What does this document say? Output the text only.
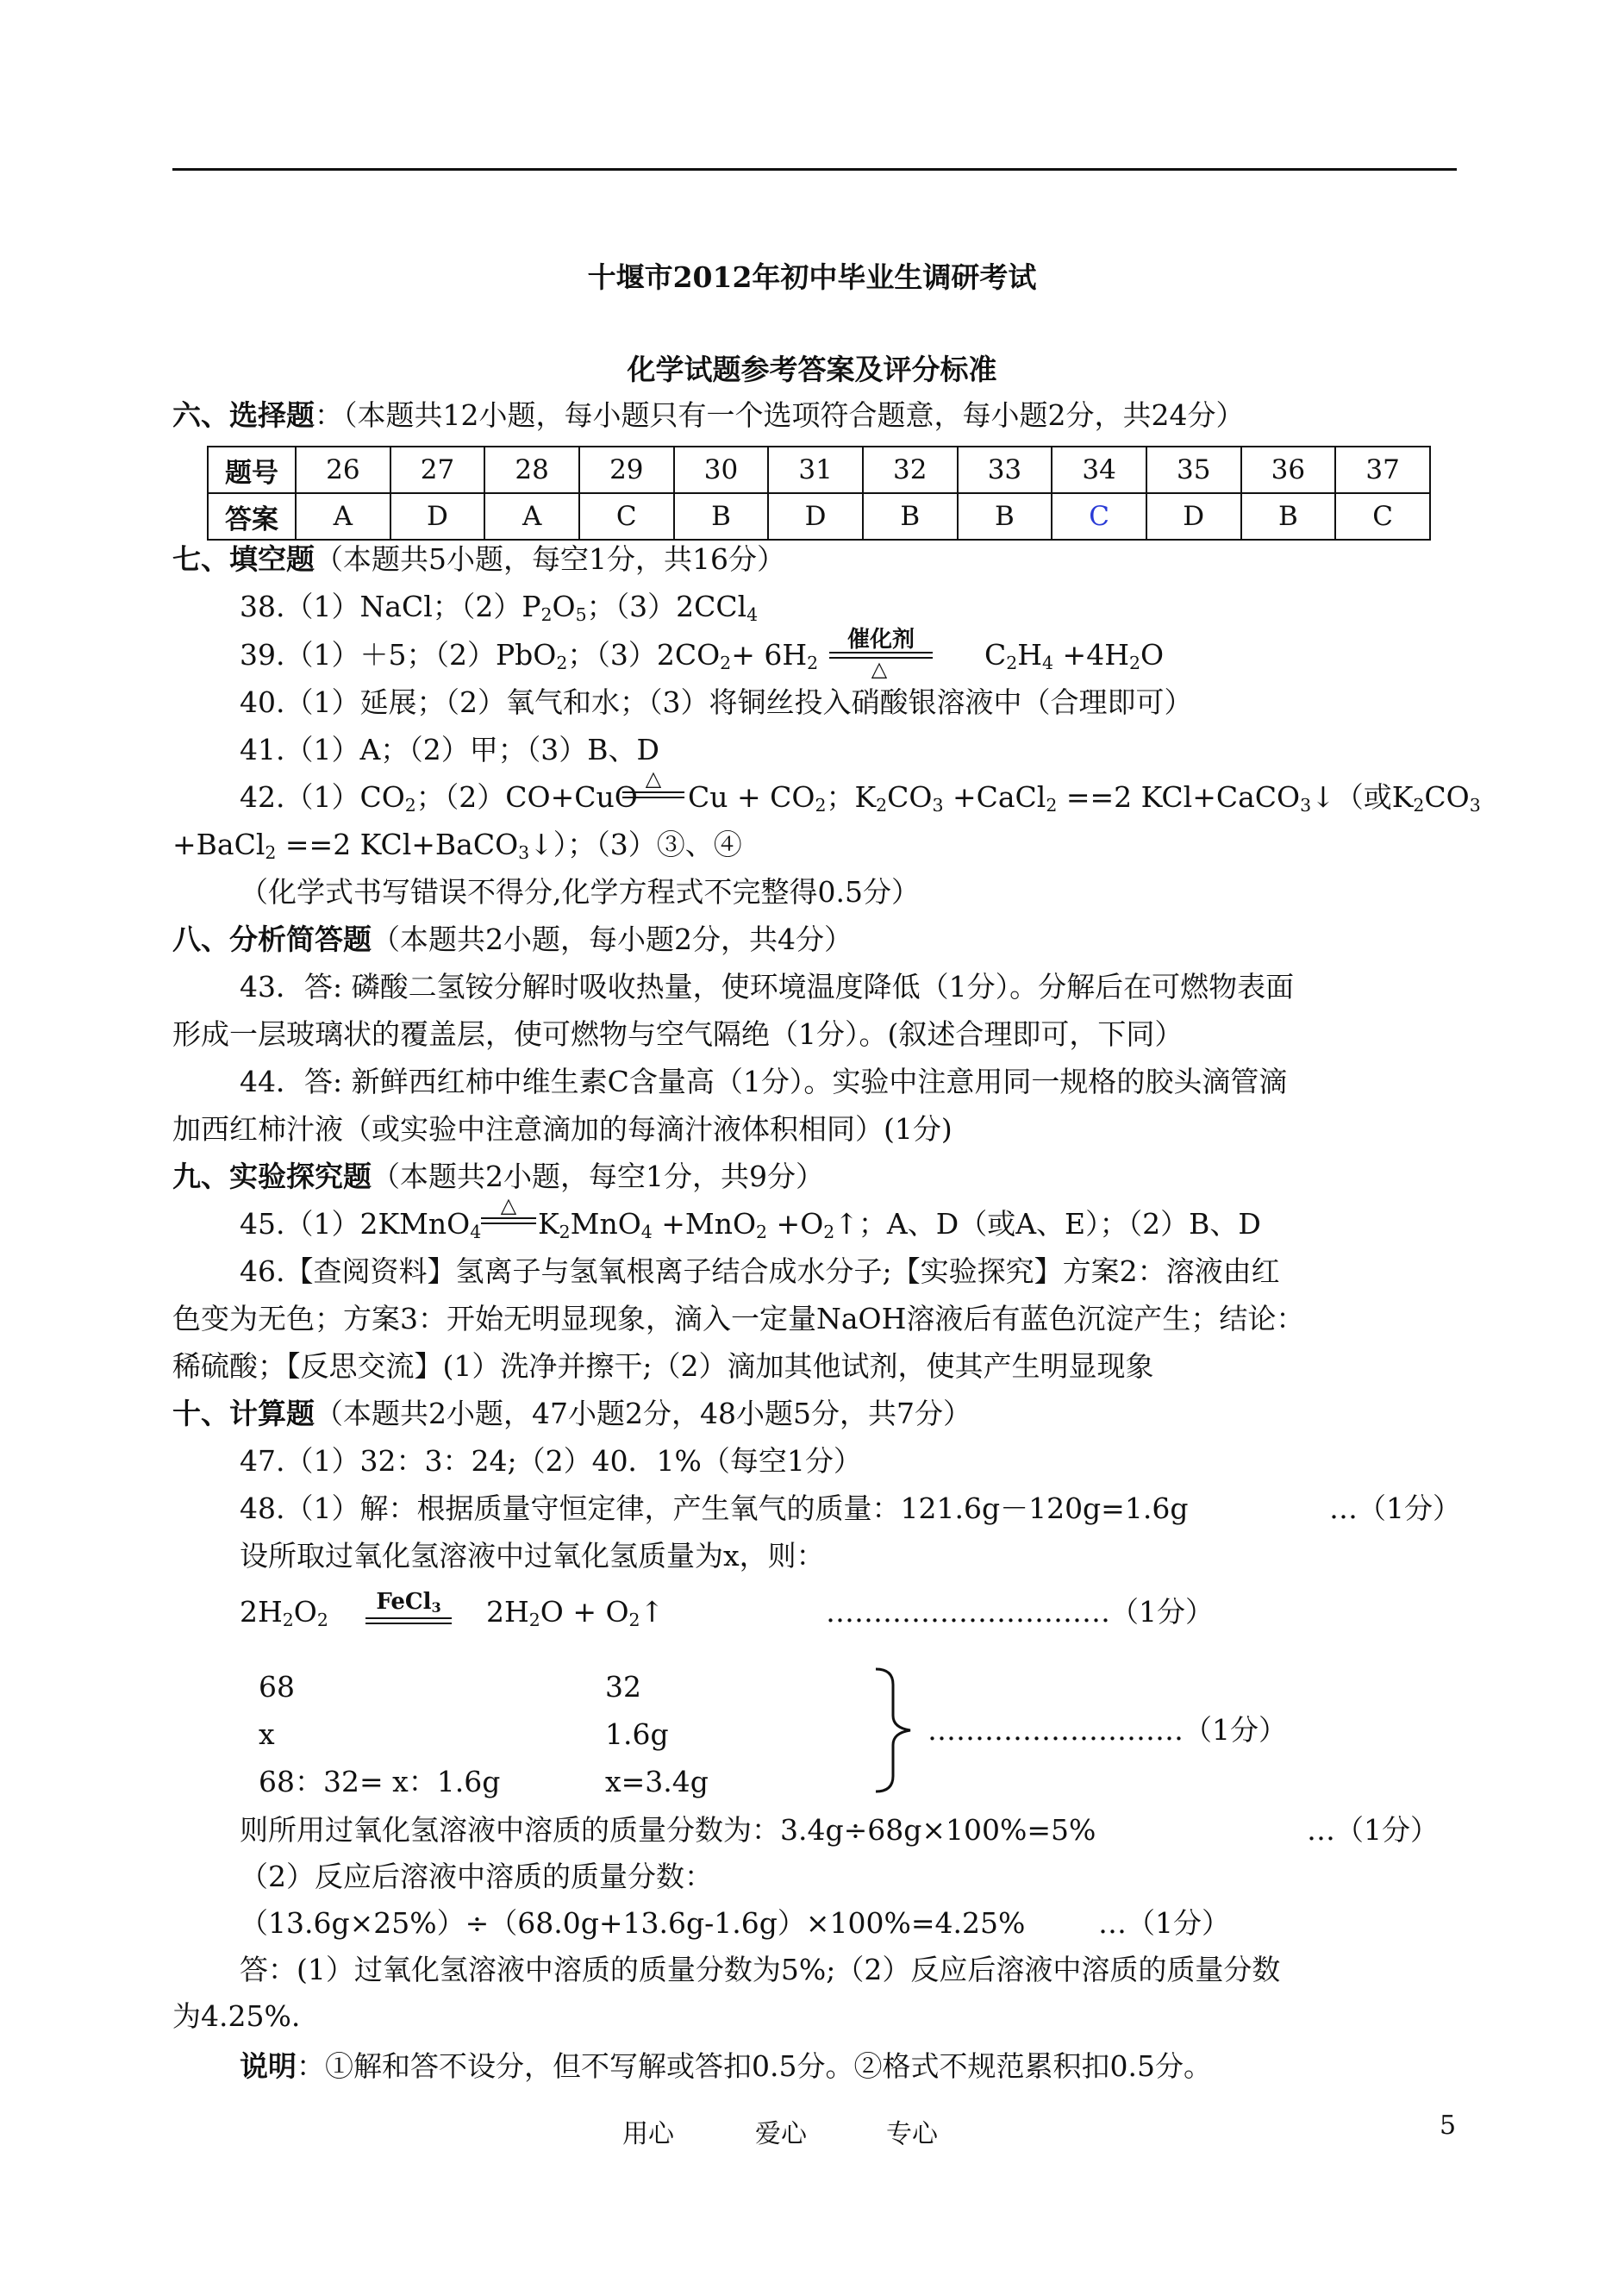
十堰市2012年初中毕业生调研考试
化学试题参考答案及评分标准
六、选择题：（本题共12小题，每小题只有一个选项符合题意，每小题2分，共24分）
题号	26	27	28	29	30	31	32	33	34	35	36	37
答案	A	D	A	C	B	D	B	B	C	D	B	C
七、填空题（本题共5小题，每空1分，共16分）
38.（1）NaCl；$(2)P_2O_5$；（3）2CCl$_4$
39.（1）＋5；（2）PbO$_2$；$(3)2CO_2+ 6H_2$
催化剂
△	$C_2H_4 +4H_2O$
40.（1）延展；（2）氧气和水；（3）将铜丝投入硝酸银溶液中（合理即可）
41.（1）A；（2）甲；（3）B、D
$42.(1)CO_2$；（2）CO+CuO
△
$Cu + CO_2$；$K_2CO_3$ +CaCl$_2$ ==2 KCl+CaCO$_3$↓（或$K_2CO_3$
+BaCl$_2$ ==2 KCl+BaCO$_3$↓）；（3）③、④
（化学式书写错误不得分,化学方程式不完整得0.5分）
八、分析简答题（本题共2小题，每小题2分，共4分）
43．答: 磷酸二氢铵分解时吸收热量，使环境温度降低（1分）。分解后在可燃物表面
形成一层玻璃状的覆盖层，使可燃物与空气隔绝（1分）。(叙述合理即可，下同）
44．答: 新鲜西红柿中维生素C含量高（1分）。实验中注意用同一规格的胶头滴管滴
加西红柿汁液（或实验中注意滴加的每滴汁液体积相同）(1分)
九、实验探究题（本题共2小题，每空1分，共9分）
45.（1）2KMnO$_4$
△
$K_2MnO_4 +MnO_2$ $+O_2↑$；A、D（或A、E）；（2）B、D
46.【查阅资料】氢离子与氢氧根离子结合成水分子;【实验探究】方案2：溶液由红
色变为无色；方案3：开始无明显现象，滴入一定量NaOH溶液后有蓝色沉淀产生；结论：
稀硫酸；【反思交流】(1）洗净并擦干;（2）滴加其他试剂，使其产生明显现象
十、计算题（本题共2小题，47小题2分，48小题5分，共7分）
47.（1）32：3：24;（2）40．1%（每空1分）
48.（1）解：根据质量守恒定律，产生氧气的质量：121.6g－120g=1.6g	…（1分）
设所取过氧化氢溶液中过氧化氢质量为x，则：
$2H_2O_2$
FeCl$_3$	$2H_2O$ + $O_2↑$	…………………………（1分）
68	32
x	1.6g
68：32= x：1.6g	x=3.4g
………………………（1分）
则所用过氧化氢溶液中溶质的质量分数为：3.4g÷68g×100%=5%	…（1分）
（2）反应后溶液中溶质的质量分数：
（13.6g×25%）÷（68.0g+13.6g-1.6g）×100%=4.25%	…（1分）
答：(1）过氧化氢溶液中溶质的质量分数为5%;（2）反应后溶液中溶质的质量分数
为4.25%.
说明：①解和答不设分，但不写解或答扣0.5分。②格式不规范累积扣0.5分。
用心	爱心	专心	5
